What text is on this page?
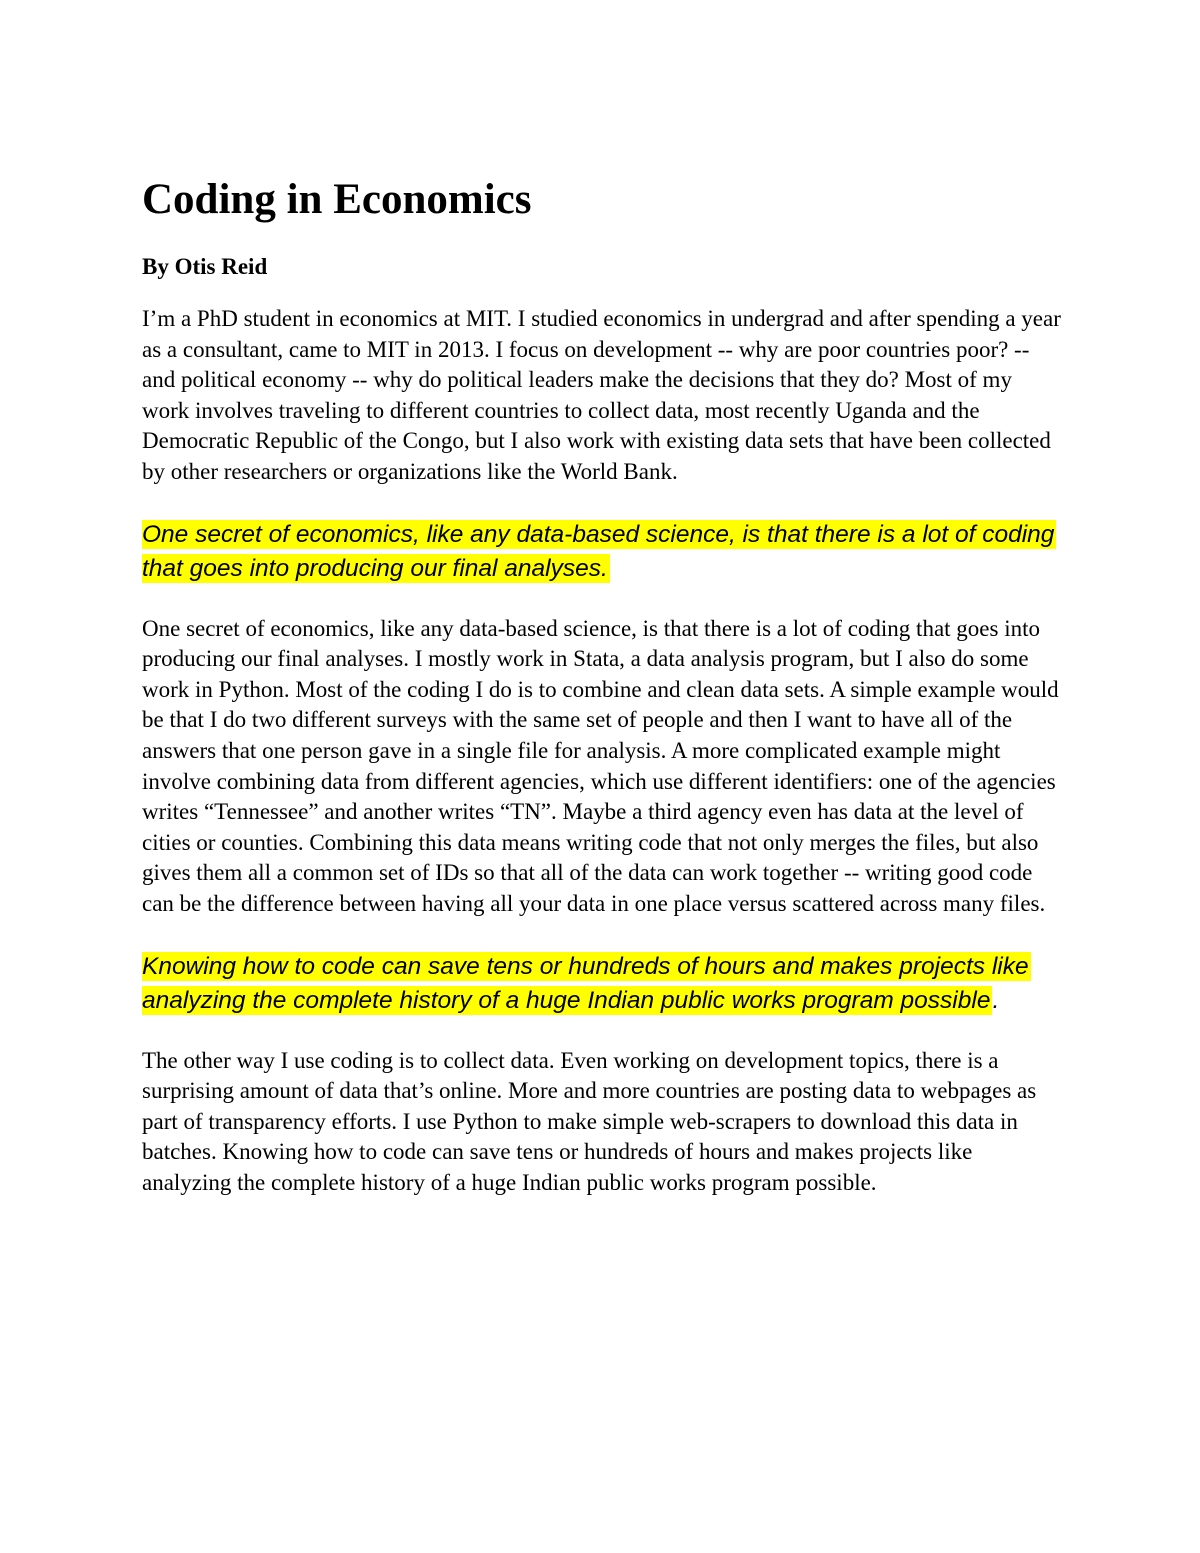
Coding in Economics

By Otis Reid

I’m a PhD student in economics at MIT. I studied economics in undergrad and after spending a year as a consultant, came to MIT in 2013. I focus on development -- why are poor countries poor? -- and political economy -- why do political leaders make the decisions that they do? Most of my work involves traveling to different countries to collect data, most recently Uganda and the Democratic Republic of the Congo, but I also work with existing data sets that have been collected by other researchers or organizations like the World Bank.

One secret of economics, like any data-based science, is that there is a lot of coding that goes into producing our final analyses.

One secret of economics, like any data-based science, is that there is a lot of coding that goes into producing our final analyses. I mostly work in Stata, a data analysis program, but I also do some work in Python. Most of the coding I do is to combine and clean data sets. A simple example would be that I do two different surveys with the same set of people and then I want to have all of the answers that one person gave in a single file for analysis. A more complicated example might involve combining data from different agencies, which use different identifiers: one of the agencies writes “Tennessee” and another writes “TN”. Maybe a third agency even has data at the level of cities or counties. Combining this data means writing code that not only merges the files, but also gives them all a common set of IDs so that all of the data can work together -- writing good code can be the difference between having all your data in one place versus scattered across many files.

Knowing how to code can save tens or hundreds of hours and makes projects like analyzing the complete history of a huge Indian public works program possible.

The other way I use coding is to collect data. Even working on development topics, there is a surprising amount of data that’s online. More and more countries are posting data to webpages as part of transparency efforts. I use Python to make simple web-scrapers to download this data in batches. Knowing how to code can save tens or hundreds of hours and makes projects like analyzing the complete history of a huge Indian public works program possible.
